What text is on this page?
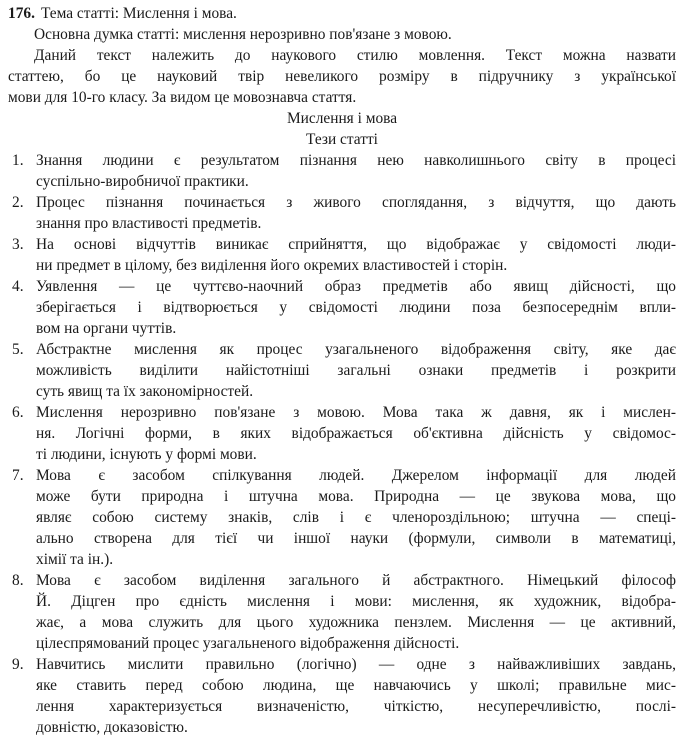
176. Тема статті: Мислення і мова.
Основна думка статті: мислення нерозривно пов'язане з мовою.
Даний текст належить до наукового стилю мовлення. Текст можна назвати
статтею, бо це науковий твір невеликого розміру в підручнику з української
мови для 10-го класу. За видом це мовознавча стаття.
Мислення і мова
Тези статті
1. Знання людини є результатом пізнання нею навколишнього світу в процесі
суспільно-виробничої практики.
2. Процес пізнання починається з живого споглядання, з відчуття, що дають
знання про властивості предметів.
3. На основі відчуттів виникає сприйняття, що відображає у свідомості люди-
ни предмет в цілому, без виділення його окремих властивостей і сторін.
4. Уявлення — це чуттєво-наочний образ предметів або явищ дійсності, що
зберігається і відтворюється у свідомості людини поза безпосереднім впли-
вом на органи чуттів.
5. Абстрактне мислення як процес узагальненого відображення світу, яке дає
можливість виділити найістотніші загальні ознаки предметів і розкрити
суть явищ та їх закономірностей.
6. Мислення нерозривно пов'язане з мовою. Мова така ж давня, як і мислен-
ня. Логічні форми, в яких відображається об'єктивна дійсність у свідомос-
ті людини, існують у формі мови.
7. Мова є засобом спілкування людей. Джерелом інформації для людей
може бути природна і штучна мова. Природна — це звукова мова, що
являє собою систему знаків, слів і є членороздільною; штучна — спеці-
ально створена для тієї чи іншої науки (формули, символи в математиці,
хімії та ін.).
8. Мова є засобом виділення загального й абстрактного. Німецький філософ
Й. Діцген про єдність мислення і мови: мислення, як художник, відобра-
жає, а мова служить для цього художника пензлем. Мислення — це активний,
цілеспрямований процес узагальненого відображення дійсності.
9. Навчитись мислити правильно (логічно) — одне з найважливіших завдань,
яке ставить перед собою людина, ще навчаючись у школі; правильне мис-
лення характеризується визначеністю, чіткістю, несуперечливістю, послі-
довністю, доказовістю.
